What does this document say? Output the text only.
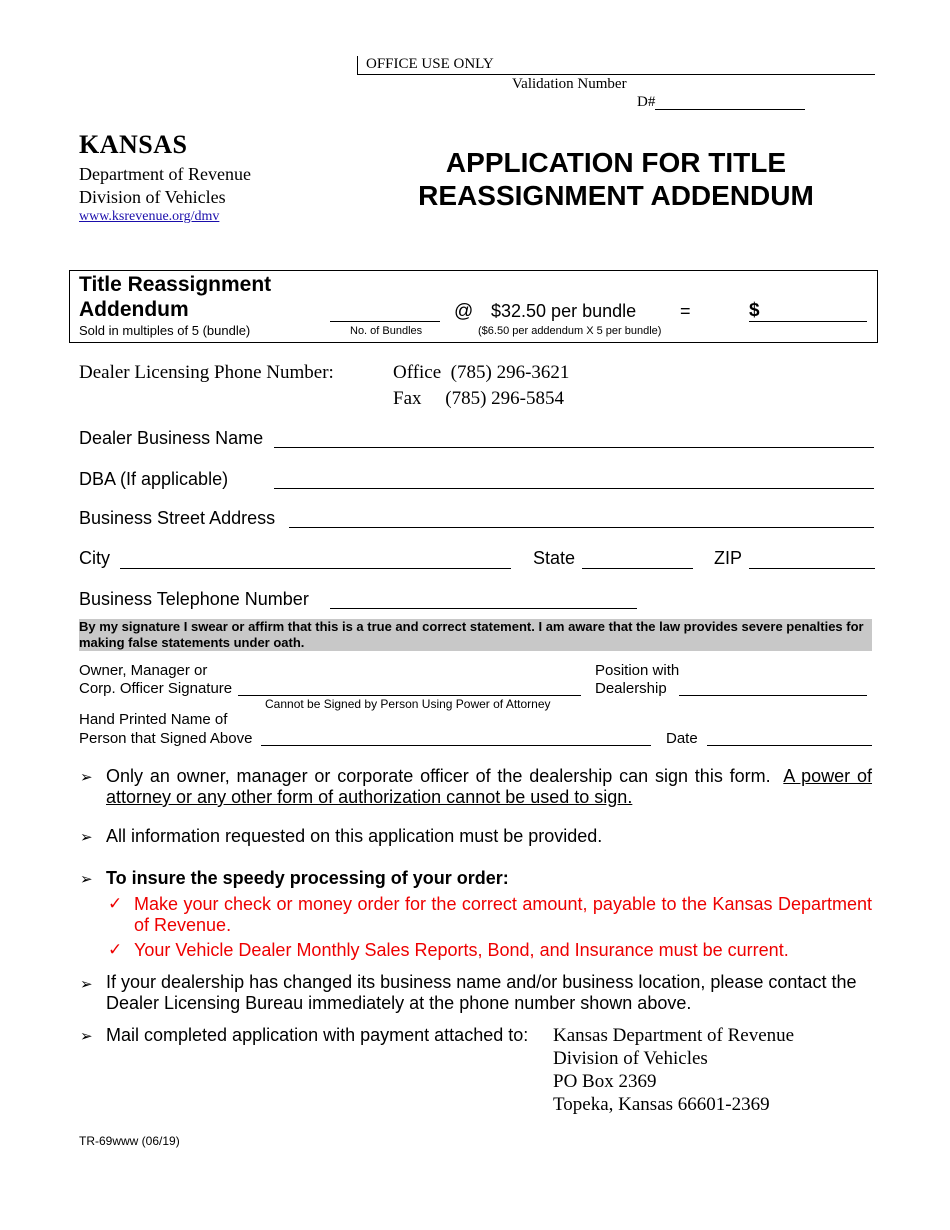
OFFICE USE ONLY
Validation Number
D#
KANSAS
Department of Revenue
Division of Vehicles
www.ksrevenue.org/dmv
APPLICATION FOR TITLE
REASSIGNMENT ADDENDUM
Title Reassignment
Addendum
Sold in multiples of 5 (bundle)	No. of Bundles
@ $32.50 per bundle
($6.50 per addendum X 5 per bundle)
=	$
Dealer Licensing Phone Number:	Office  (785) 296-3621
Fax     (785) 296-5854
Dealer Business Name
DBA (If applicable)
Business Street Address
City	State	ZIP
Business Telephone Number
By my signature I swear or affirm that this is a true and correct statement. I am aware that the law provides severe penalties for making false statements under oath.
Owner, Manager or
Corp. Officer Signature
Cannot be Signed by Person Using Power of Attorney
Position with
Dealership
Hand Printed Name of
Person that Signed Above	Date
➢ Only an owner, manager or corporate officer of the dealership can sign this form. A power of attorney or any other form of authorization cannot be used to sign.
➢ All information requested on this application must be provided.
➢ To insure the speedy processing of your order:
✓ Make your check or money order for the correct amount, payable to the Kansas Department of Revenue.
✓ Your Vehicle Dealer Monthly Sales Reports, Bond, and Insurance must be current.
➢ If your dealership has changed its business name and/or business location, please contact the Dealer Licensing Bureau immediately at the phone number shown above.
➢ Mail completed application with payment attached to:	Kansas Department of Revenue
Division of Vehicles
PO Box 2369
Topeka, Kansas 66601-2369
TR-69www (06/19)
